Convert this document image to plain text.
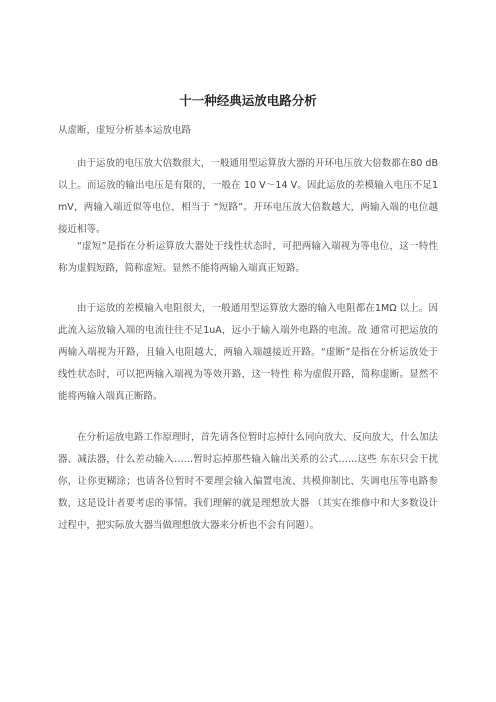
十一种经典运放电路分析
从虚断，虚短分析基本运放电路

由于运放的电压放大倍数很大，一般通用型运算放大器的开环电压放大倍数都在80 dB 以上。而运放的输出电压是有限的，一般在 10 V～14 V。因此运放的差模输入电压不足1 mV，两输入端近似等电位，相当于 “短路”。开环电压放大倍数越大，两输入端的电位越接近相等。

“虚短”是指在分析运算放大器处于线性状态时，可把两输入端视为等电位，这一特性称为虚假短路，简称虚短。显然不能将两输入端真正短路。

由于运放的差模输入电阻很大，一般通用型运算放大器的输入电阻都在1MΩ 以上。因此流入运放输入端的电流往往不足1uA，远小于输入端外电路的电流。故 通常可把运放的两输入端视为开路，且输入电阻越大，两输入端越接近开路。“虚断”是指在分析运放处于线性状态时，可以把两输入端视为等效开路，这一特性 称为虚假开路，简称虚断。显然不能将两输入端真正断路。

在分析运放电路工作原理时，首先请各位暂时忘掉什么同向放大、反向放大，什么加法器、减法器，什么差动输入……暂时忘掉那些输入输出关系的公式……这些 东东只会干扰你，让你更糊涂；也请各位暂时不要理会输入偏置电流、共模抑制比、失调电压等电路参数，这是设计者要考虑的事情。我们理解的就是理想放大器 （其实在维修中和大多数设计过程中，把实际放大器当做理想放大器来分析也不会有问题）。
